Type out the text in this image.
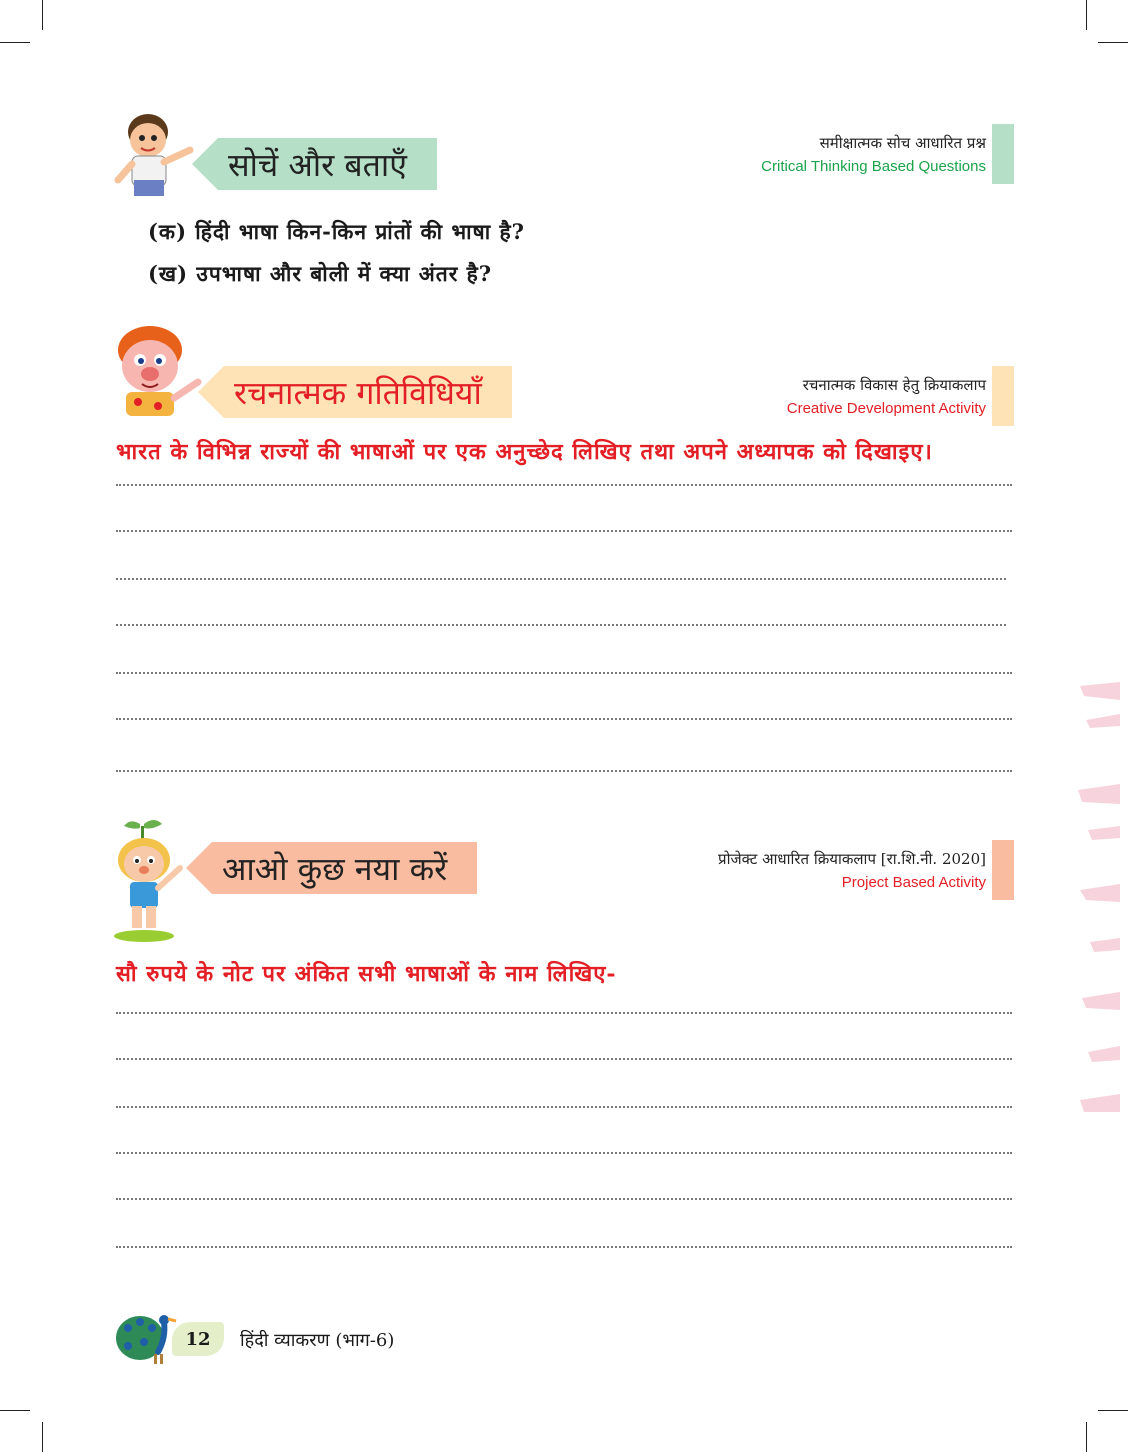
सोचें और बताएँ
समीक्षात्मक सोच आधारित प्रश्न
Critical Thinking Based Questions
(क) हिंदी भाषा किन-किन प्रांतों की भाषा है?
(ख) उपभाषा और बोली में क्या अंतर है?
रचनात्मक गतिविधियाँ	रचनात्मक विकास हेतु क्रियाकलाप
Creative Development Activity
भारत के विभिन्न राज्यों की भाषाओं पर एक अनुच्छेद लिखिए तथा अपने अध्यापक को दिखाइए।
आओ कुछ नया करें	प्रोजेक्ट आधारित क्रियाकलाप [रा.शि.नी. 2020]
Project Based Activity
सौ रुपये के नोट पर अंकित सभी भाषाओं के नाम लिखिए-
12	हिंदी व्याकरण (भाग-6)
